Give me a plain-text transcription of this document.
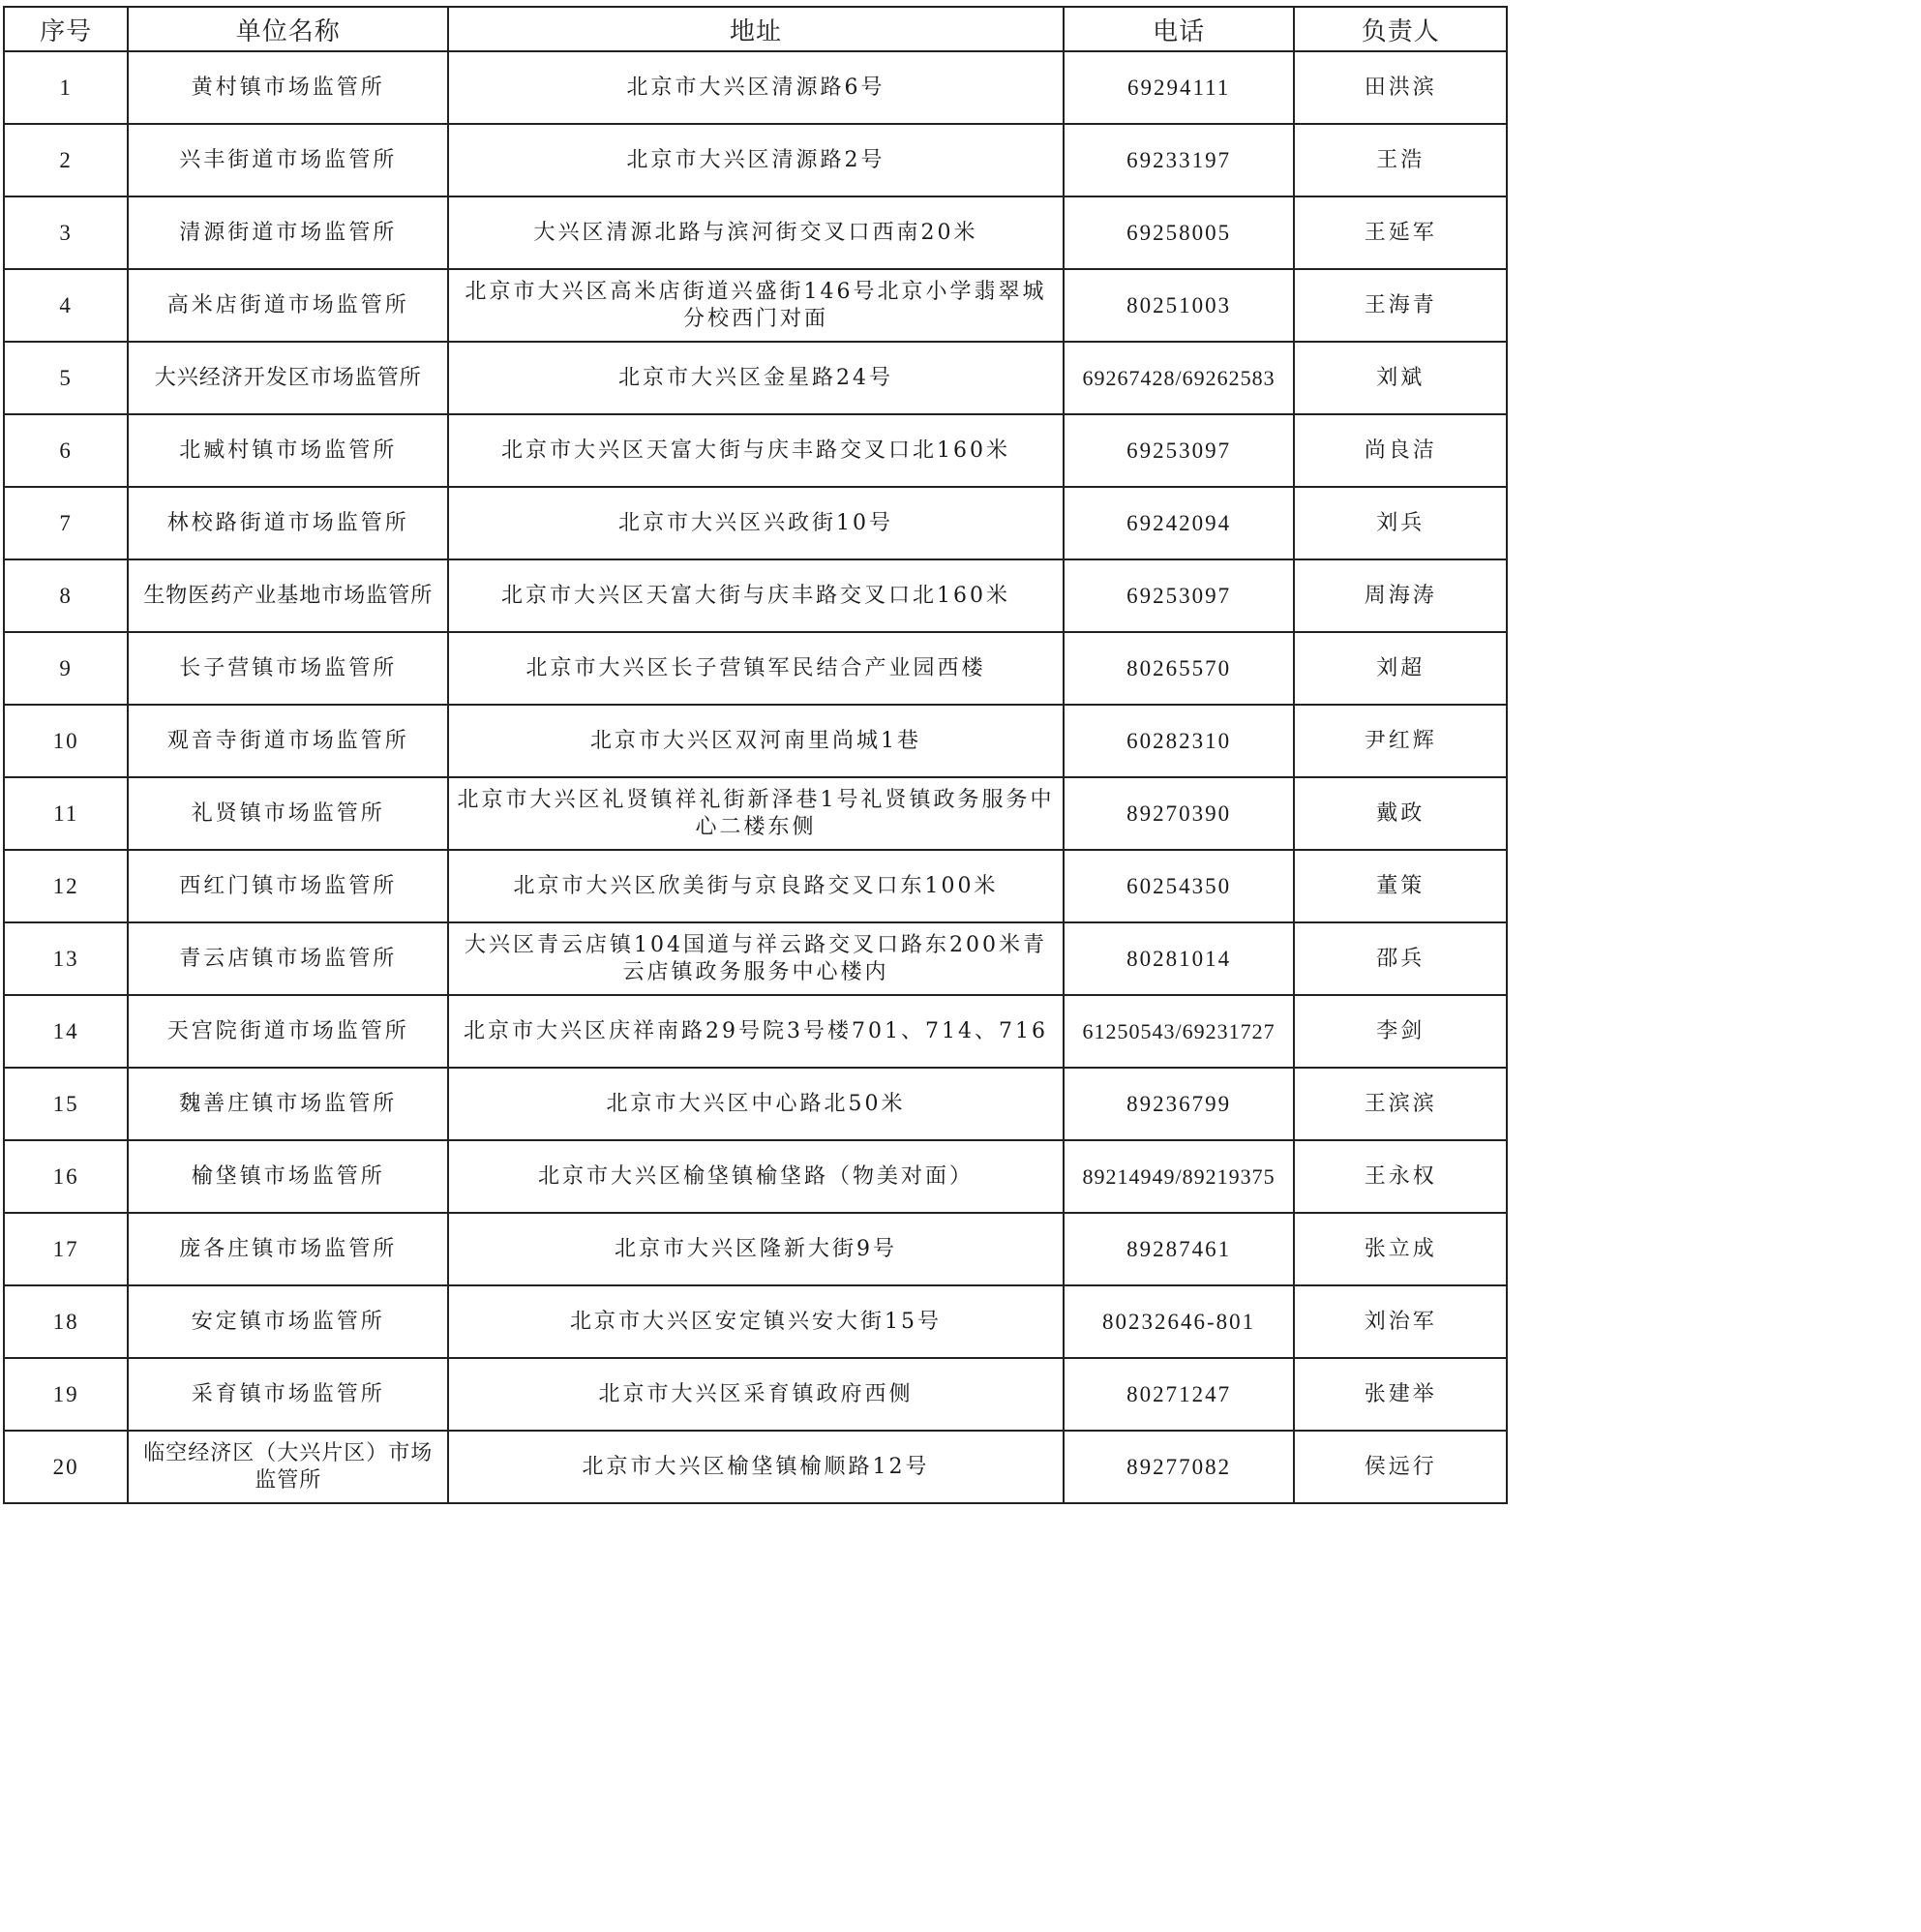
序号	单位名称	地址	电话	负责人
1	黄村镇市场监管所	北京市大兴区清源路6号	69294111	田洪滨
2	兴丰街道市场监管所	北京市大兴区清源路2号	69233197	王浩
3	清源街道市场监管所	大兴区清源北路与滨河街交叉口西南20米	69258005	王延军
4	高米店街道市场监管所	北京市大兴区高米店街道兴盛街146号北京小学翡翠城分校西门对面	80251003	王海青
5	大兴经济开发区市场监管所	北京市大兴区金星路24号	69267428/69262583	刘斌
6	北臧村镇市场监管所	北京市大兴区天富大街与庆丰路交叉口北160米	69253097	尚良洁
7	林校路街道市场监管所	北京市大兴区兴政街10号	69242094	刘兵
8	生物医药产业基地市场监管所	北京市大兴区天富大街与庆丰路交叉口北160米	69253097	周海涛
9	长子营镇市场监管所	北京市大兴区长子营镇军民结合产业园西楼	80265570	刘超
10	观音寺街道市场监管所	北京市大兴区双河南里尚城1巷	60282310	尹红辉
11	礼贤镇市场监管所	北京市大兴区礼贤镇祥礼街新泽巷1号礼贤镇政务服务中心二楼东侧	89270390	戴政
12	西红门镇市场监管所	北京市大兴区欣美街与京良路交叉口东100米	60254350	董策
13	青云店镇市场监管所	大兴区青云店镇104国道与祥云路交叉口路东200米青云店镇政务服务中心楼内	80281014	邵兵
14	天宫院街道市场监管所	北京市大兴区庆祥南路29号院3号楼701、714、716	61250543/69231727	李剑
15	魏善庄镇市场监管所	北京市大兴区中心路北50米	89236799	王滨滨
16	榆垡镇市场监管所	北京市大兴区榆垡镇榆垡路（物美对面）	89214949/89219375	王永权
17	庞各庄镇市场监管所	北京市大兴区隆新大街9号	89287461	张立成
18	安定镇市场监管所	北京市大兴区安定镇兴安大街15号	80232646-801	刘治军
19	采育镇市场监管所	北京市大兴区采育镇政府西侧	80271247	张建举
20	临空经济区（大兴片区）市场监管所	北京市大兴区榆垡镇榆顺路12号	89277082	侯远行
